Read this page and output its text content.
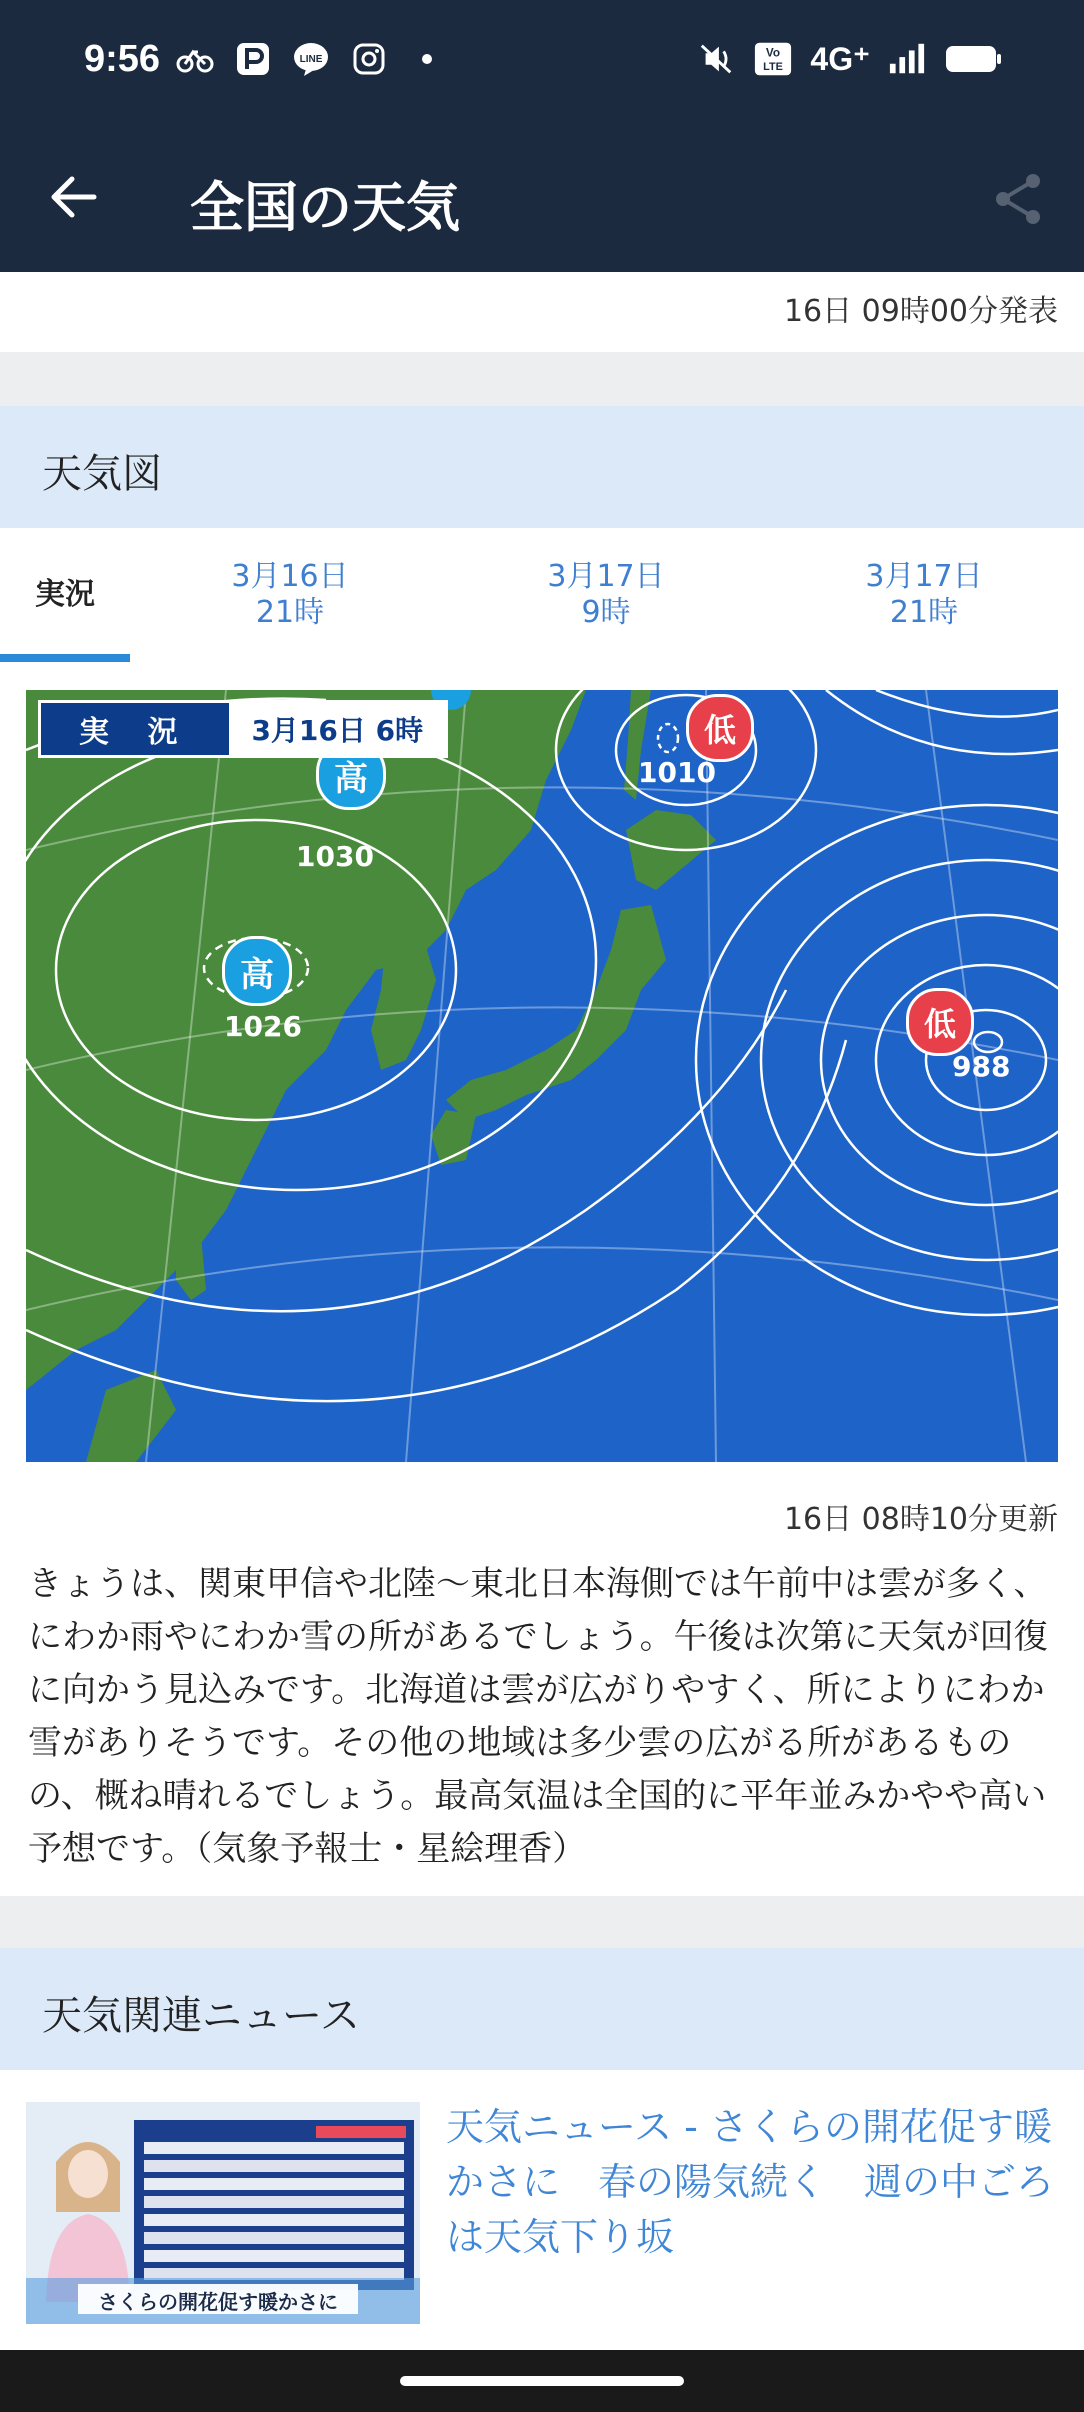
9:56	LINE
Vo
LTE 4G⁺
全国の天気
16日 09時00分発表
天気図
実況
3月16日
21時
3月17日
9時
3月17日
21時
高
1030
高
1026
低
1010
低
988
実 況	3月16日 6時
16日 08時10分更新
きょうは、関東甲信や北陸～東北日本海側では午前中は雲が多く、にわか雨やにわか雪の所があるでしょう。午後は次第に天気が回復に向かう見込みです。北海道は雲が広がりやすく、所によりにわか雪がありそうです。その他の地域は多少雲の広がる所があるものの、概ね晴れるでしょう。最高気温は全国的に平年並みかやや高い予想です。（気象予報士・星絵理香）
天気関連ニュース
さくらの開花促す暖かさに
天気ニュース - さくらの開花促す暖かさに　春の陽気続く　週の中ごろは天気下り坂
